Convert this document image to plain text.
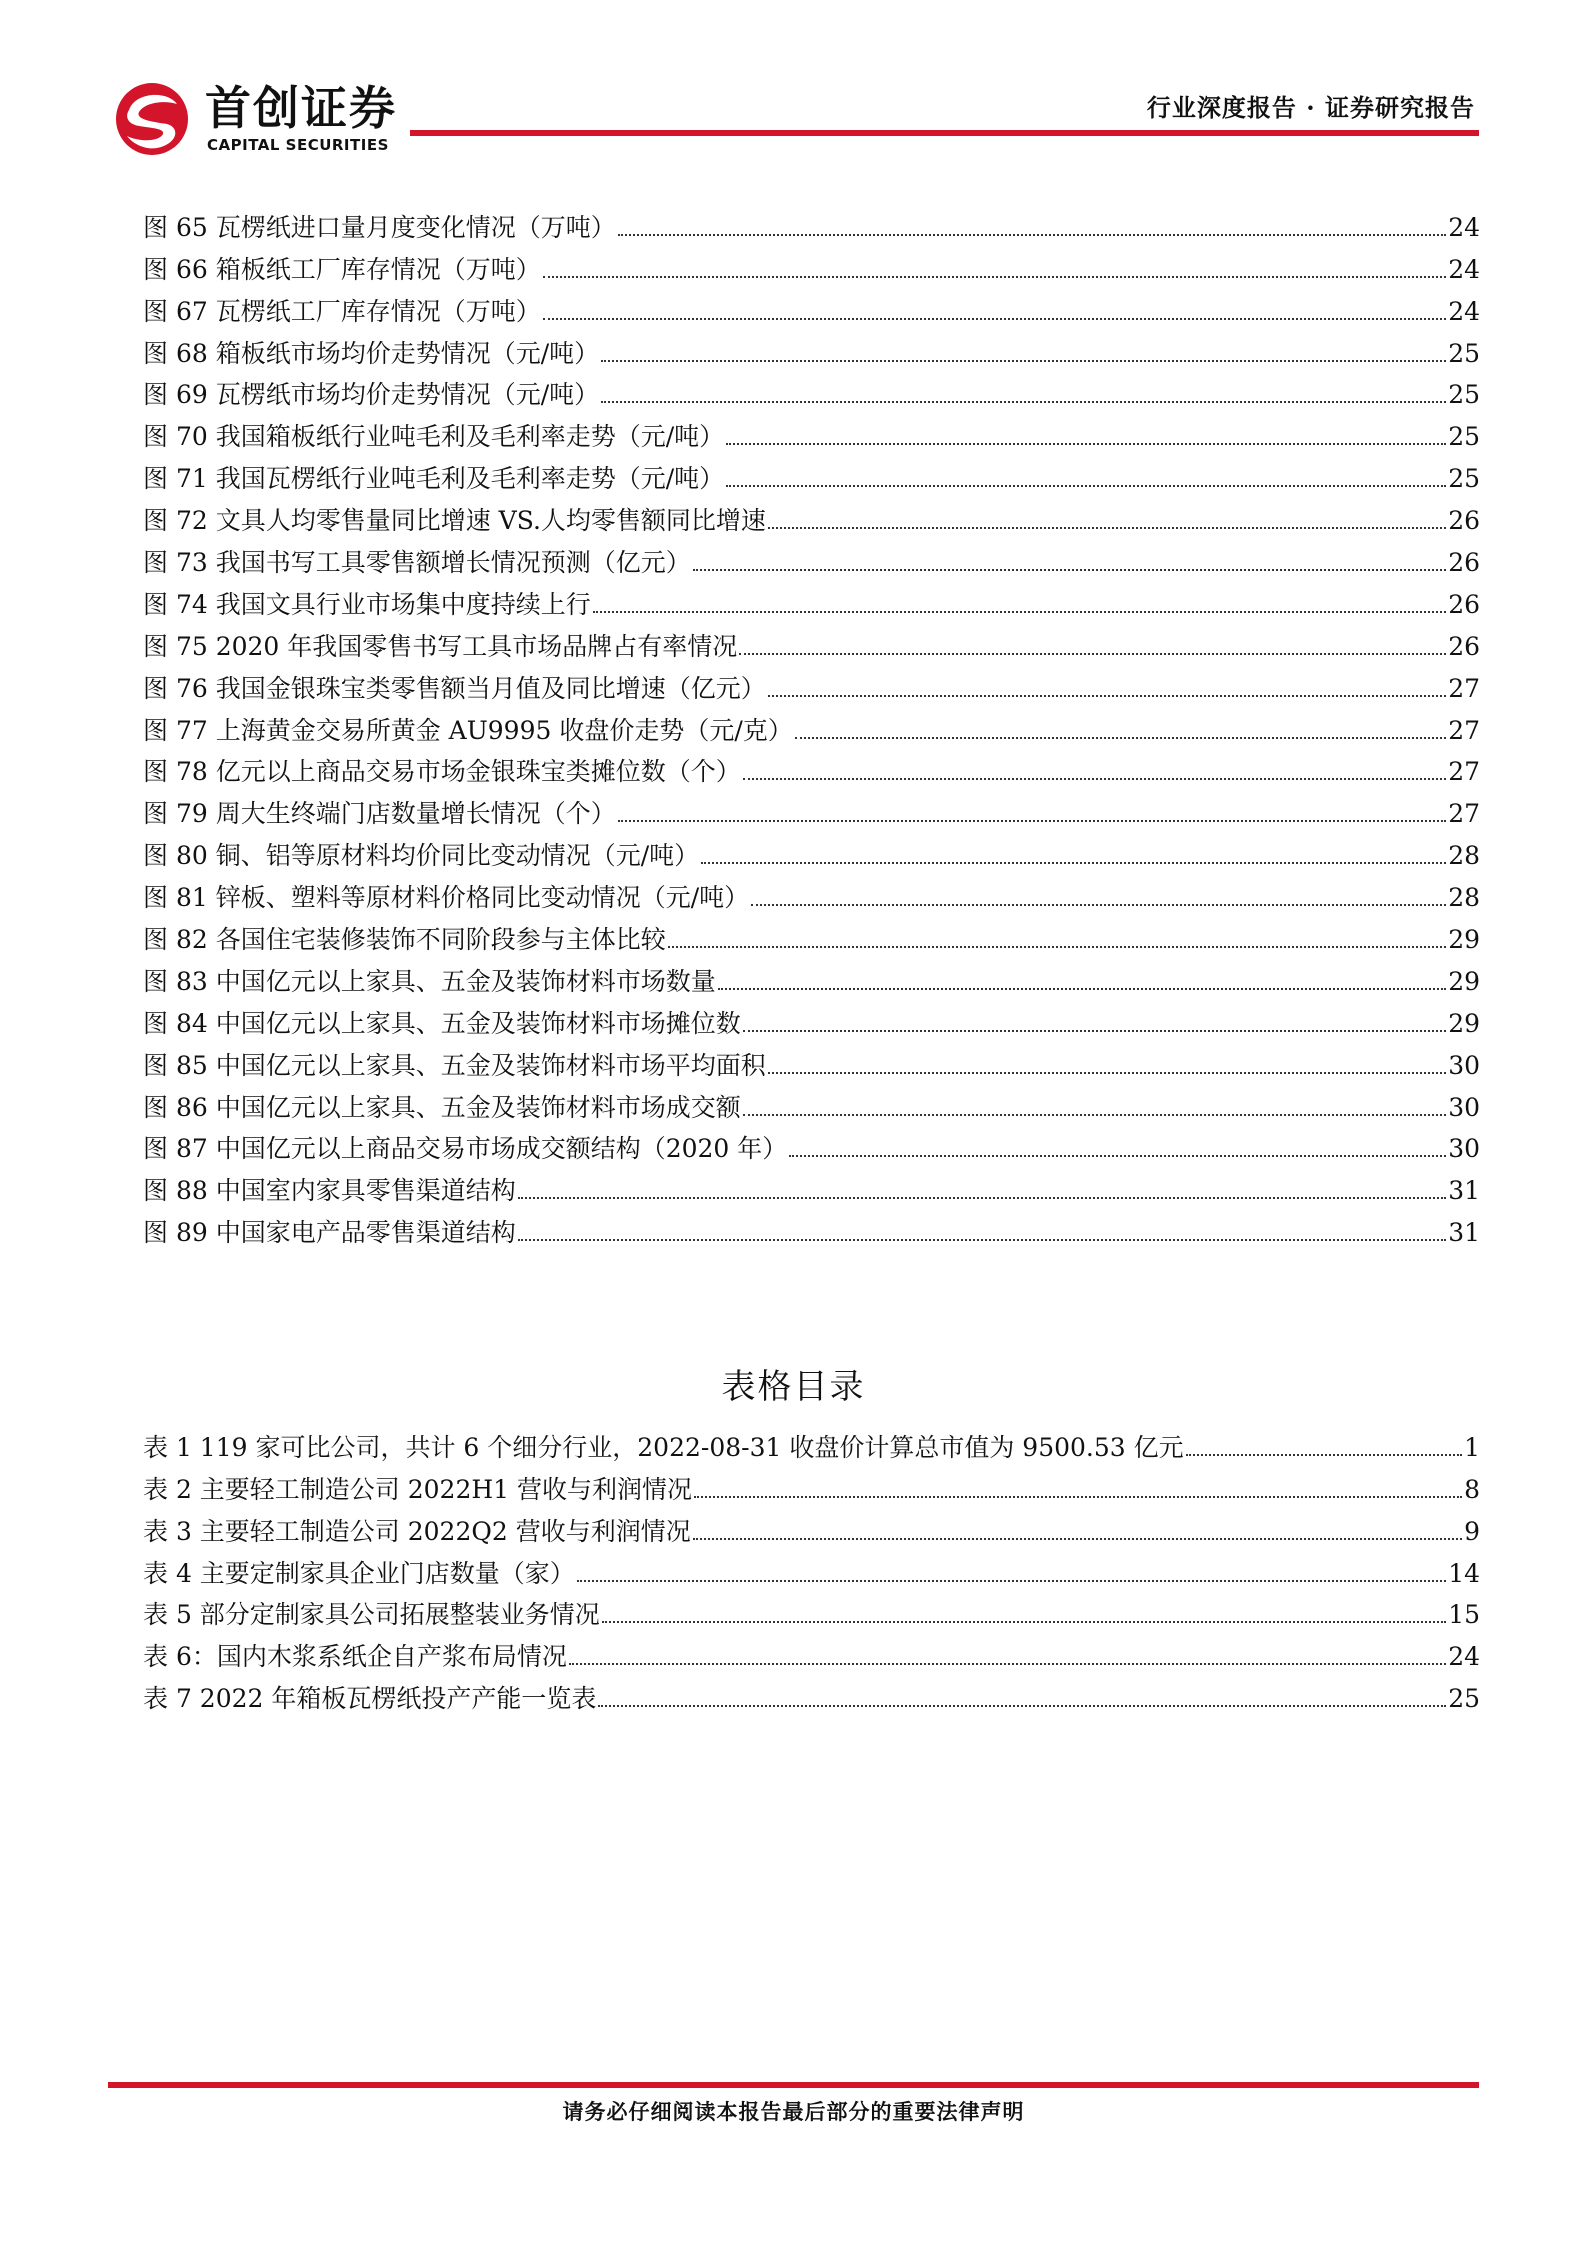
首创证券
CAPITAL SECURITIES
行业深度报告 · 证券研究报告
图 65 瓦楞纸进口量月度变化情况（万吨）	24
图 66 箱板纸工厂库存情况（万吨）	24
图 67 瓦楞纸工厂库存情况（万吨）	24
图 68 箱板纸市场均价走势情况（元/吨）	25
图 69 瓦楞纸市场均价走势情况（元/吨）	25
图 70 我国箱板纸行业吨毛利及毛利率走势（元/吨）	25
图 71 我国瓦楞纸行业吨毛利及毛利率走势（元/吨）	25
图 72 文具人均零售量同比增速 VS.人均零售额同比增速	26
图 73 我国书写工具零售额增长情况预测（亿元）	26
图 74 我国文具行业市场集中度持续上行	26
图 75 2020 年我国零售书写工具市场品牌占有率情况	26
图 76 我国金银珠宝类零售额当月值及同比增速（亿元）	27
图 77 上海黄金交易所黄金 AU9995 收盘价走势（元/克）	27
图 78 亿元以上商品交易市场金银珠宝类摊位数（个）	27
图 79 周大生终端门店数量增长情况（个）	27
图 80 铜、铝等原材料均价同比变动情况（元/吨）	28
图 81 锌板、塑料等原材料价格同比变动情况（元/吨）	28
图 82 各国住宅装修装饰不同阶段参与主体比较	29
图 83 中国亿元以上家具、五金及装饰材料市场数量	29
图 84 中国亿元以上家具、五金及装饰材料市场摊位数	29
图 85 中国亿元以上家具、五金及装饰材料市场平均面积	30
图 86 中国亿元以上家具、五金及装饰材料市场成交额	30
图 87 中国亿元以上商品交易市场成交额结构（2020 年）	30
图 88 中国室内家具零售渠道结构	31
图 89 中国家电产品零售渠道结构	31
表格目录
表 1 119 家可比公司，共计 6 个细分行业，2022-08-31 收盘价计算总市值为 9500.53 亿元	1
表 2 主要轻工制造公司 2022H1 营收与利润情况	8
表 3 主要轻工制造公司 2022Q2 营收与利润情况	9
表 4 主要定制家具企业门店数量（家）	14
表 5 部分定制家具公司拓展整装业务情况	15
表 6：国内木浆系纸企自产浆布局情况	24
表 7 2022 年箱板瓦楞纸投产产能一览表	25
请务必仔细阅读本报告最后部分的重要法律声明
